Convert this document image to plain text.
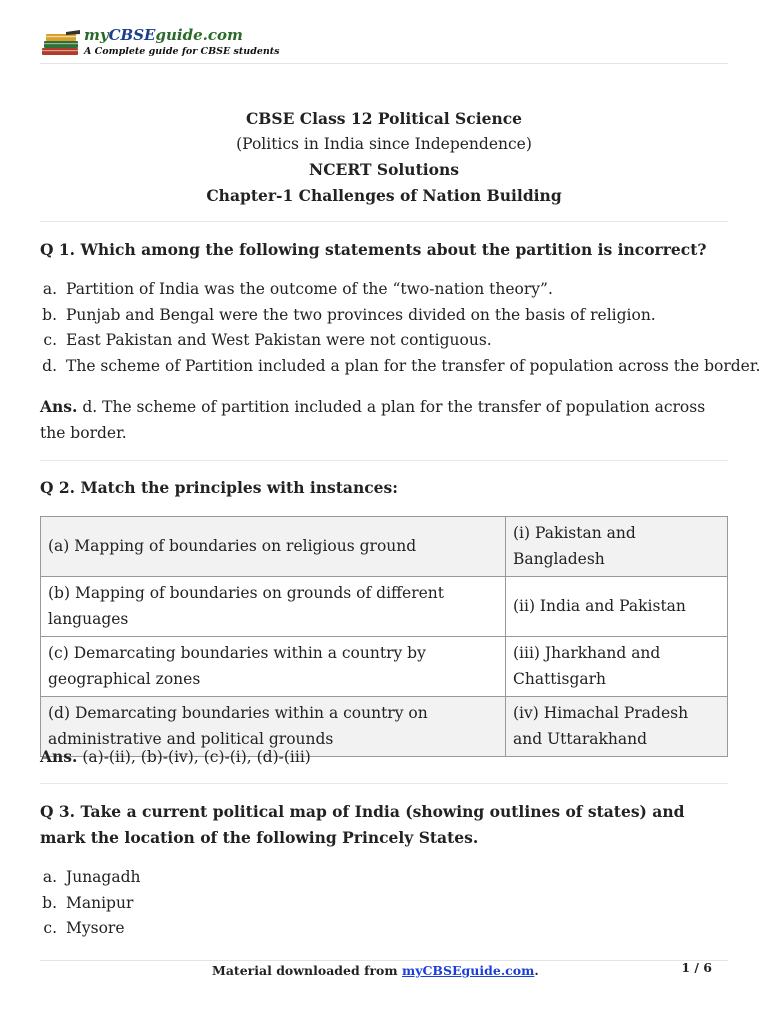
myCBSEguide.com
A Complete guide for CBSE students
CBSE Class 12 Political Science
(Politics in India since Independence)
NCERT Solutions
Chapter-1 Challenges of Nation Building
Q 1. Which among the following statements about the partition is incorrect?
a. Partition of India was the outcome of the “two-nation theory”.
b. Punjab and Bengal were the two provinces divided on the basis of religion.
c. East Pakistan and West Pakistan were not contiguous.
d. The scheme of Partition included a plan for the transfer of population across the border.
Ans. d. The scheme of partition included a plan for the transfer of population across the border.
Q 2. Match the principles with instances:
(a) Mapping of boundaries on religious ground	(i) Pakistan and Bangladesh
(b) Mapping of boundaries on grounds of different languages	(ii) India and Pakistan
(c) Demarcating boundaries within a country by geographical zones	(iii) Jharkhand and Chattisgarh
(d) Demarcating boundaries within a country on administrative and political grounds	(iv) Himachal Pradesh and Uttarakhand
Ans. (a)-(ii), (b)-(iv), (c)-(i), (d)-(iii)
Q 3. Take a current political map of India (showing outlines of states) and mark the location of the following Princely States.
a. Junagadh
b. Manipur
c. Mysore
Material downloaded from myCBSEguide.com.	1 / 6
